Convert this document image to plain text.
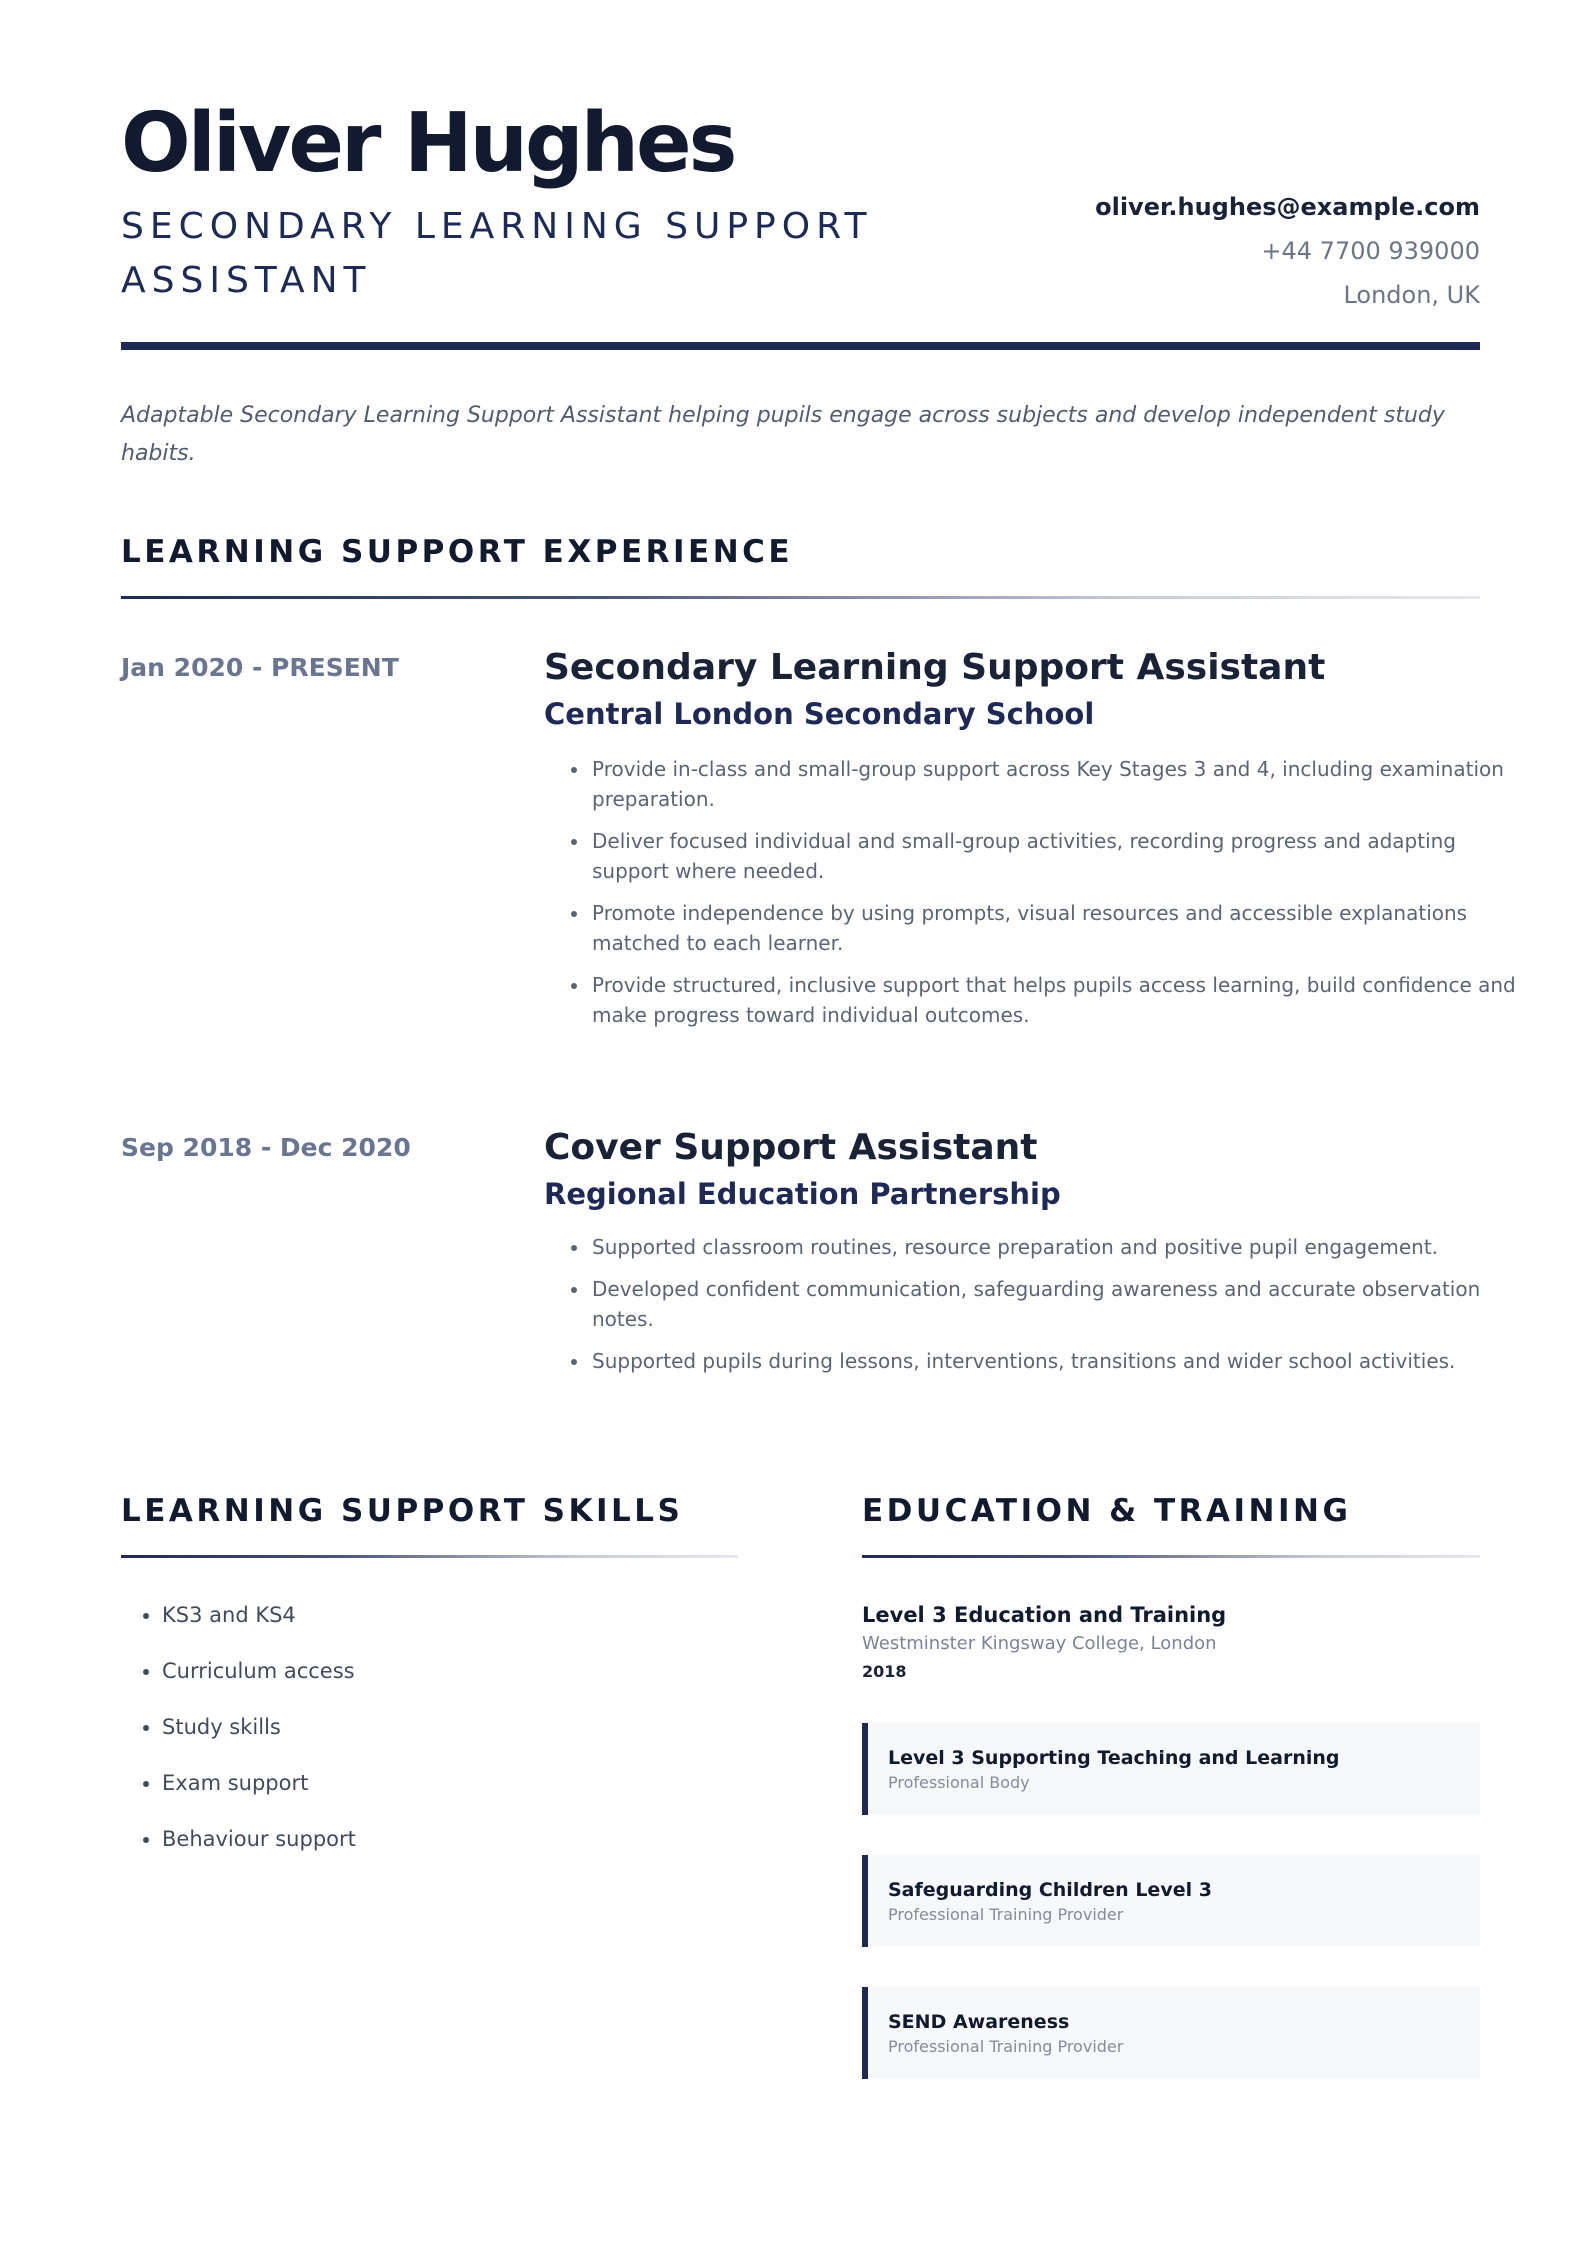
Oliver Hughes
SECONDARY LEARNING SUPPORT ASSISTANT
oliver.hughes@example.com
+44 7700 939000
London, UK

Adaptable Secondary Learning Support Assistant helping pupils engage across subjects and develop independent study habits.

LEARNING SUPPORT EXPERIENCE
Jan 2020 - PRESENT	Secondary Learning Support Assistant
Central London Secondary School
• Provide in-class and small-group support across Key Stages 3 and 4, including examination preparation.
• Deliver focused individual and small-group activities, recording progress and adapting support where needed.
• Promote independence by using prompts, visual resources and accessible explanations matched to each learner.
• Provide structured, inclusive support that helps pupils access learning, build confidence and make progress toward individual outcomes.
Sep 2018 - Dec 2020	Cover Support Assistant
Regional Education Partnership
• Supported classroom routines, resource preparation and positive pupil engagement.
• Developed confident communication, safeguarding awareness and accurate observation notes.
• Supported pupils during lessons, interventions, transitions and wider school activities.
LEARNING SUPPORT SKILLS
• KS3 and KS4
• Curriculum access
• Study skills
• Exam support
• Behaviour support
EDUCATION & TRAINING
Level 3 Education and Training
Westminster Kingsway College, London
2018
Level 3 Supporting Teaching and Learning
Professional Body
Safeguarding Children Level 3
Professional Training Provider
SEND Awareness
Professional Training Provider
